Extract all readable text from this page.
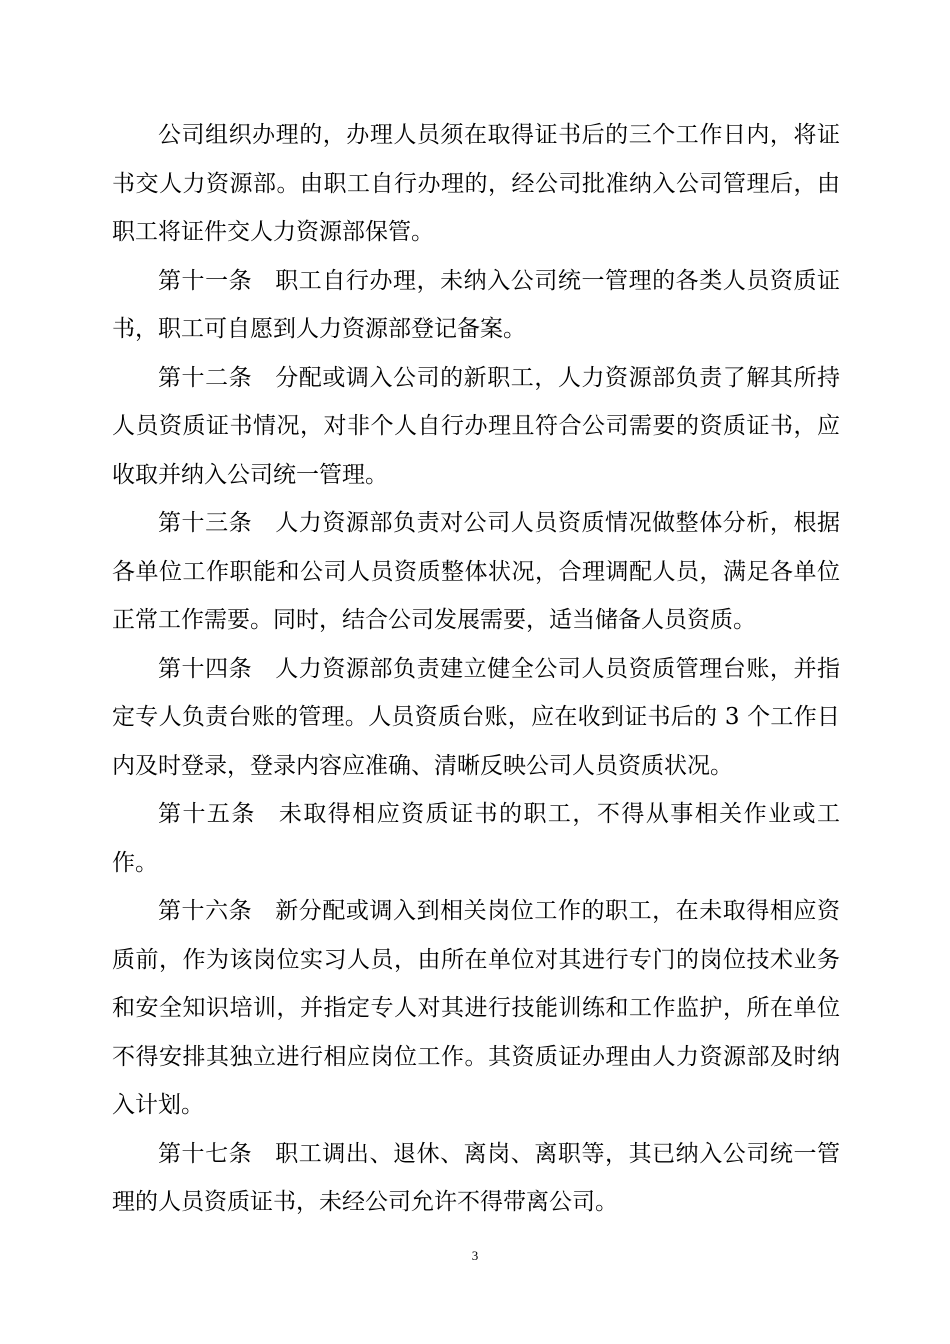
公司组织办理的，办理人员须在取得证书后的三个工作日内，将证书交人力资源部。由职工自行办理的，经公司批准纳入公司管理后，由职工将证件交人力资源部保管。

第十一条 职工自行办理，未纳入公司统一管理的各类人员资质证书，职工可自愿到人力资源部登记备案。

第十二条 分配或调入公司的新职工，人力资源部负责了解其所持人员资质证书情况，对非个人自行办理且符合公司需要的资质证书，应收取并纳入公司统一管理。

第十三条 人力资源部负责对公司人员资质情况做整体分析，根据各单位工作职能和公司人员资质整体状况，合理调配人员，满足各单位正常工作需要。同时，结合公司发展需要，适当储备人员资质。

第十四条 人力资源部负责建立健全公司人员资质管理台账，并指定专人负责台账的管理。人员资质台账，应在收到证书后的 3 个工作日内及时登录，登录内容应准确、清晰反映公司人员资质状况。

第十五条 未取得相应资质证书的职工，不得从事相关作业或工作。

第十六条 新分配或调入到相关岗位工作的职工，在未取得相应资质前，作为该岗位实习人员，由所在单位对其进行专门的岗位技术业务和安全知识培训，并指定专人对其进行技能训练和工作监护，所在单位不得安排其独立进行相应岗位工作。其资质证办理由人力资源部及时纳入计划。

第十七条 职工调出、退休、离岗、离职等，其已纳入公司统一管理的人员资质证书，未经公司允许不得带离公司。

3
